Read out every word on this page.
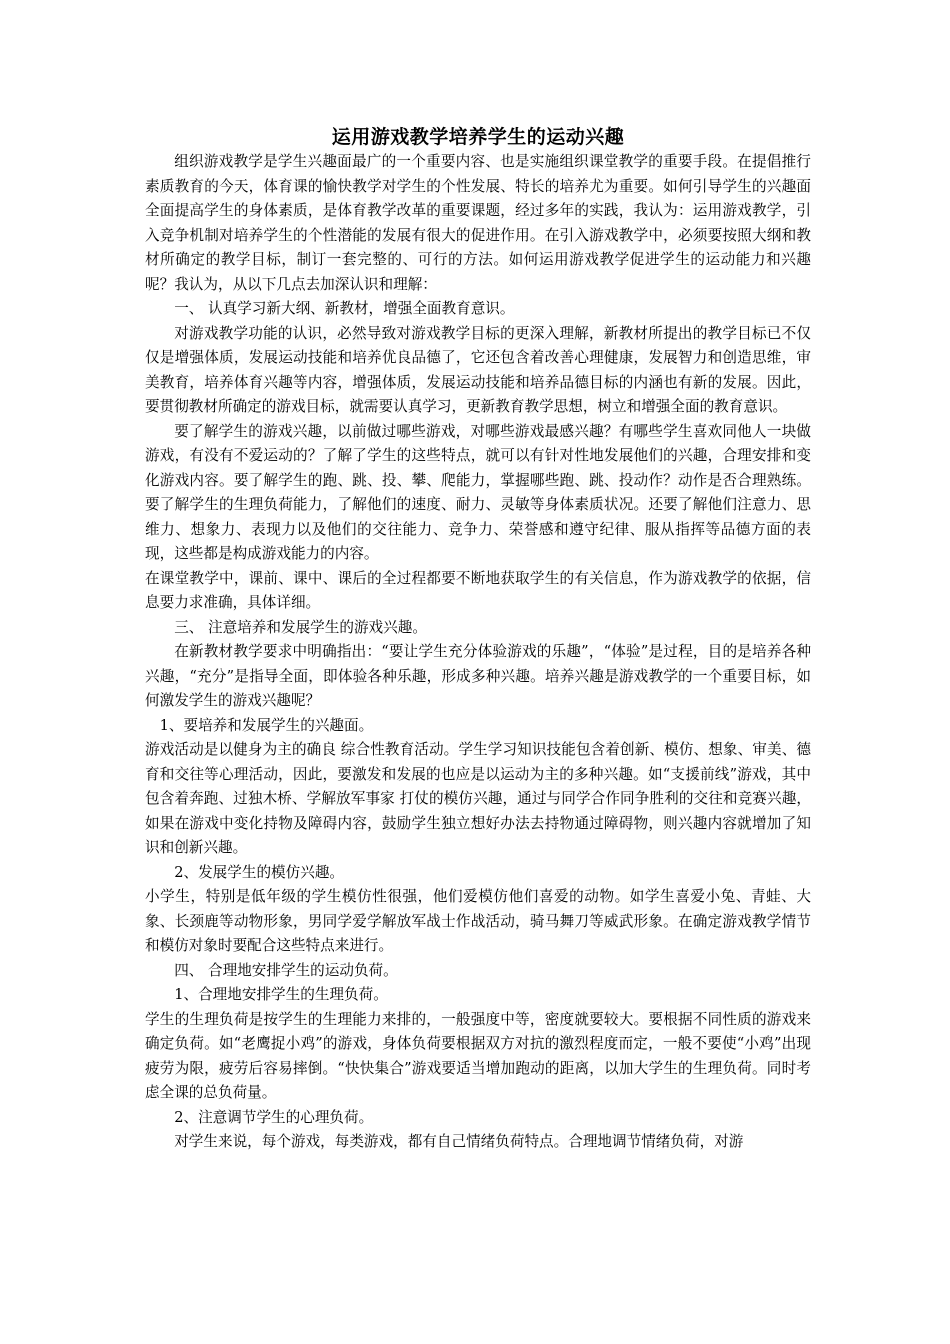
运用游戏教学培养学生的运动兴趣

组织游戏教学是学生兴趣面最广的一个重要内容、也是实施组织课堂教学的重要手段。在提倡推行素质教育的今天，体育课的愉快教学对学生的个性发展、特长的培养尤为重要。如何引导学生的兴趣面全面提高学生的身体素质，是体育教学改革的重要课题，经过多年的实践，我认为：运用游戏教学，引入竞争机制对培养学生的个性潜能的发展有很大的促进作用。在引入游戏教学中，必须要按照大纲和教材所确定的教学目标，制订一套完整的、可行的方法。如何运用游戏教学促进学生的运动能力和兴趣呢？我认为，从以下几点去加深认识和理解：

一、 认真学习新大纲、新教材，增强全面教育意识。

对游戏教学功能的认识，必然导致对游戏教学目标的更深入理解，新教材所提出的教学目标已不仅仅是增强体质，发展运动技能和培养优良品德了，它还包含着改善心理健康，发展智力和创造思维，审美教育，培养体育兴趣等内容，增强体质，发展运动技能和培养品德目标的内涵也有新的发展。因此，要贯彻教材所确定的游戏目标，就需要认真学习，更新教育教学思想，树立和增强全面的教育意识。

要了解学生的游戏兴趣，以前做过哪些游戏，对哪些游戏最感兴趣？有哪些学生喜欢同他人一块做游戏，有没有不爱运动的？了解了学生的这些特点，就可以有针对性地发展他们的兴趣，合理安排和变化游戏内容。要了解学生的跑、跳、投、攀、爬能力，掌握哪些跑、跳、投动作？动作是否合理熟练。要了解学生的生理负荷能力，了解他们的速度、耐力、灵敏等身体素质状况。还要了解他们注意力、思维力、想象力、表现力以及他们的交往能力、竞争力、荣誉感和遵守纪律、服从指挥等品德方面的表现，这些都是构成游戏能力的内容。

在课堂教学中，课前、课中、课后的全过程都要不断地获取学生的有关信息，作为游戏教学的依据，信息要力求准确，具体详细。

三、 注意培养和发展学生的游戏兴趣。

在新教材教学要求中明确指出：“要让学生充分体验游戏的乐趣”，“体验”是过程，目的是培养各种兴趣，“充分”是指导全面，即体验各种乐趣，形成多种兴趣。培养兴趣是游戏教学的一个重要目标，如何激发学生的游戏兴趣呢？

1、要培养和发展学生的兴趣面。

游戏活动是以健身为主的确良 综合性教育活动。学生学习知识技能包含着创新、模仿、想象、审美、德育和交往等心理活动，因此，要激发和发展的也应是以运动为主的多种兴趣。如“支援前线”游戏，其中包含着奔跑、过独木桥、学解放军事家 打仗的模仿兴趣，通过与同学合作同争胜利的交往和竞赛兴趣，如果在游戏中变化持物及障碍内容，鼓励学生独立想好办法去持物通过障碍物，则兴趣内容就增加了知识和创新兴趣。

2、发展学生的模仿兴趣。

小学生，特别是低年级的学生模仿性很强，他们爱模仿他们喜爱的动物。如学生喜爱小兔、青蛙、大象、长颈鹿等动物形象，男同学爱学解放军战士作战活动，骑马舞刀等威武形象。在确定游戏教学情节和模仿对象时要配合这些特点来进行。

四、 合理地安排学生的运动负荷。

1、合理地安排学生的生理负荷。

学生的生理负荷是按学生的生理能力来排的，一般强度中等，密度就要较大。要根据不同性质的游戏来确定负荷。如“老鹰捉小鸡”的游戏，身体负荷要根据双方对抗的激烈程度而定，一般不要使“小鸡”出现疲劳为限，疲劳后容易摔倒。“快快集合”游戏要适当增加跑动的距离，以加大学生的生理负荷。同时考虑全课的总负荷量。

2、注意调节学生的心理负荷。

对学生来说，每个游戏，每类游戏，都有自己情绪负荷特点。合理地调节情绪负荷，对游
